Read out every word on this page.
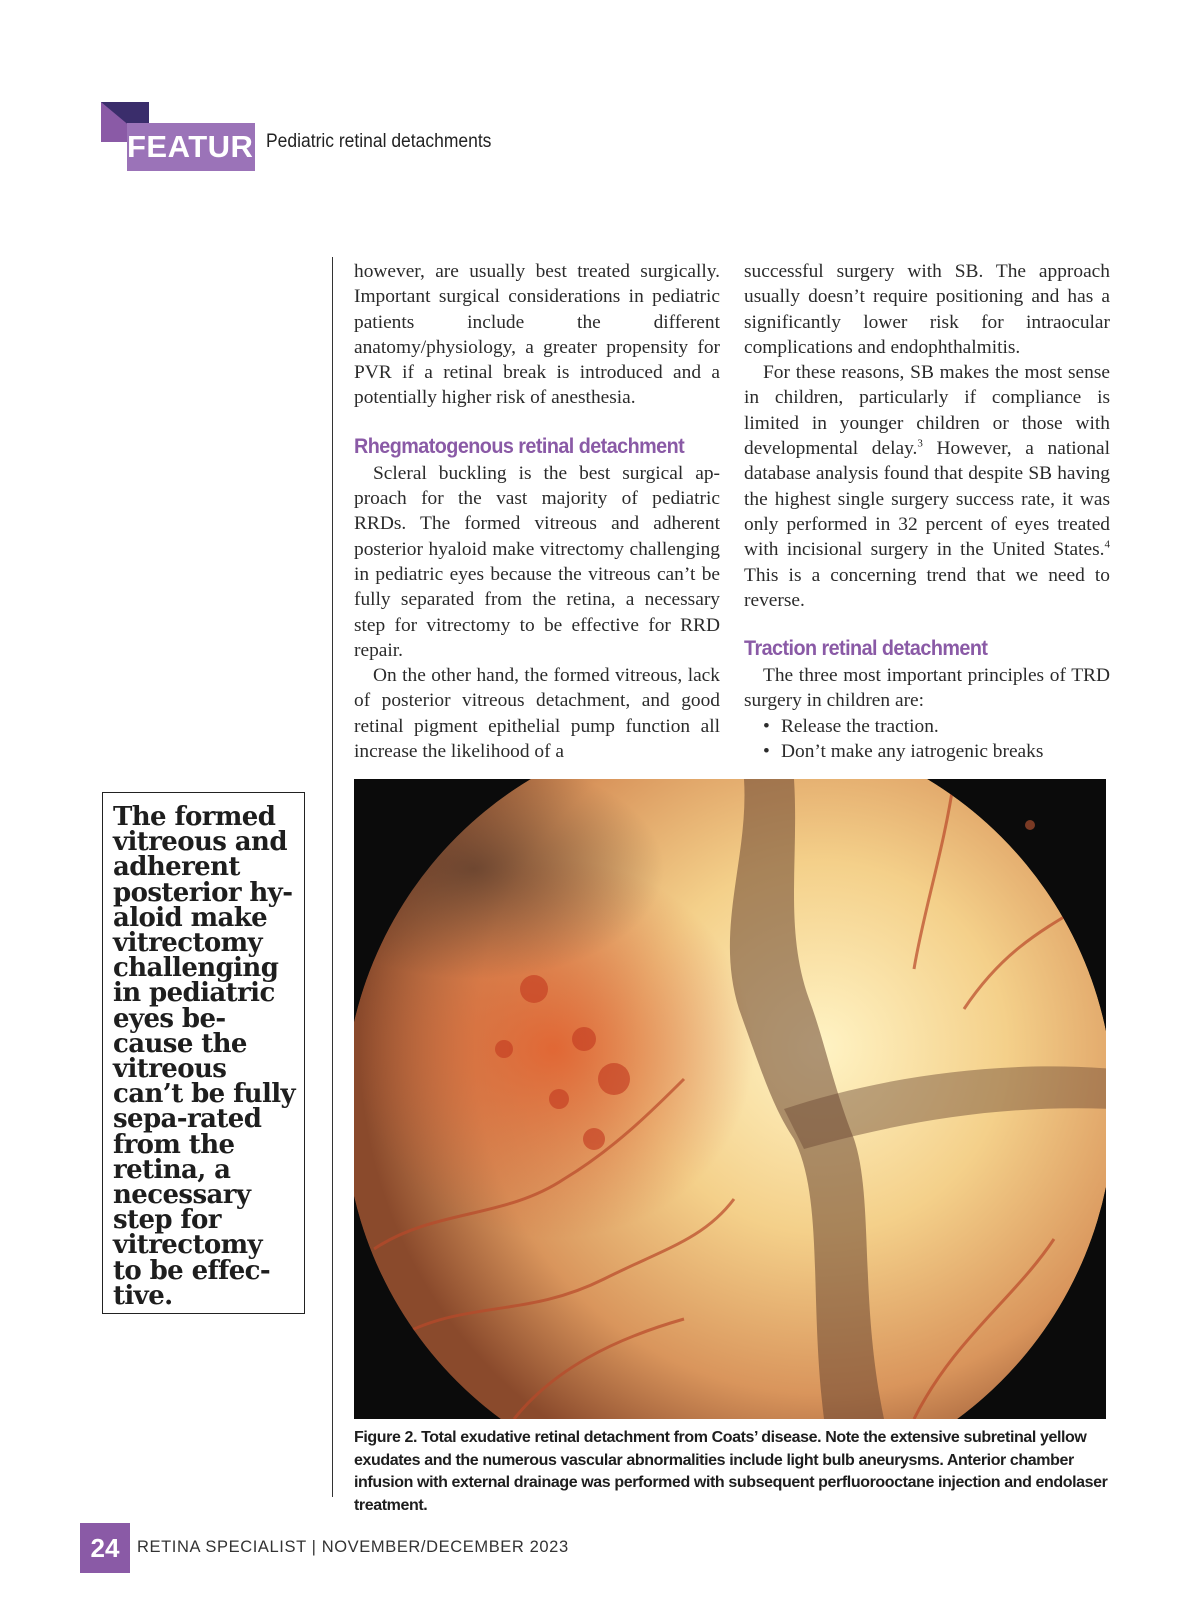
FEATURE
Pediatric retinal detachments

however, are usually best treated surgically. Important surgical considerations in pediatric patients include the different anatomy/physiology, a greater propensity for PVR if a retinal break is introduced and a potentially higher risk of anesthesia.

Rhegmatogenous retinal detachment

Scleral buckling is the best surgical approach for the vast majority of pediatric RRDs. The formed vitreous and adherent posterior hyaloid make vitrectomy challenging in pediatric eyes because the vitreous can’t be fully separated from the retina, a necessary step for vitrectomy to be effective for RRD repair.

On the other hand, the formed vitreous, lack of posterior vitreous detachment, and good retinal pigment epithelial pump function all increase the likelihood of a

successful surgery with SB. The approach usually doesn’t require positioning and has a significantly lower risk for intraocular complications and endophthalmitis.

For these reasons, SB makes the most sense in children, particularly if compliance is limited in younger children or those with developmental delay.$^3$ However, a national database analysis found that despite SB having the highest single surgery success rate, it was only performed in 32 percent of eyes treated with incisional surgery in the United States.$^4$ This is a concerning trend that we need to reverse.

Traction retinal detachment

The three most important principles of TRD surgery in children are:

• Release the traction.
• Don’t make any iatrogenic breaks

The formed vitreous and adherent posterior hy-aloid make vitrectomy challenging in pediatric eyes be-cause the vitreous can’t be fully sepa-rated from the retina, a necessary step for vitrectomy to be effec-tive.

Figure 2. Total exudative retinal detachment from Coats’ disease. Note the extensive subretinal yellow exudates and the numerous vascular abnormalities include light bulb aneurysms. Anterior chamber infusion with external drainage was performed with subsequent perfluorooctane injection and endolaser treatment.
24	RETINA SPECIALIST | NOVEMBER/DECEMBER 2023
